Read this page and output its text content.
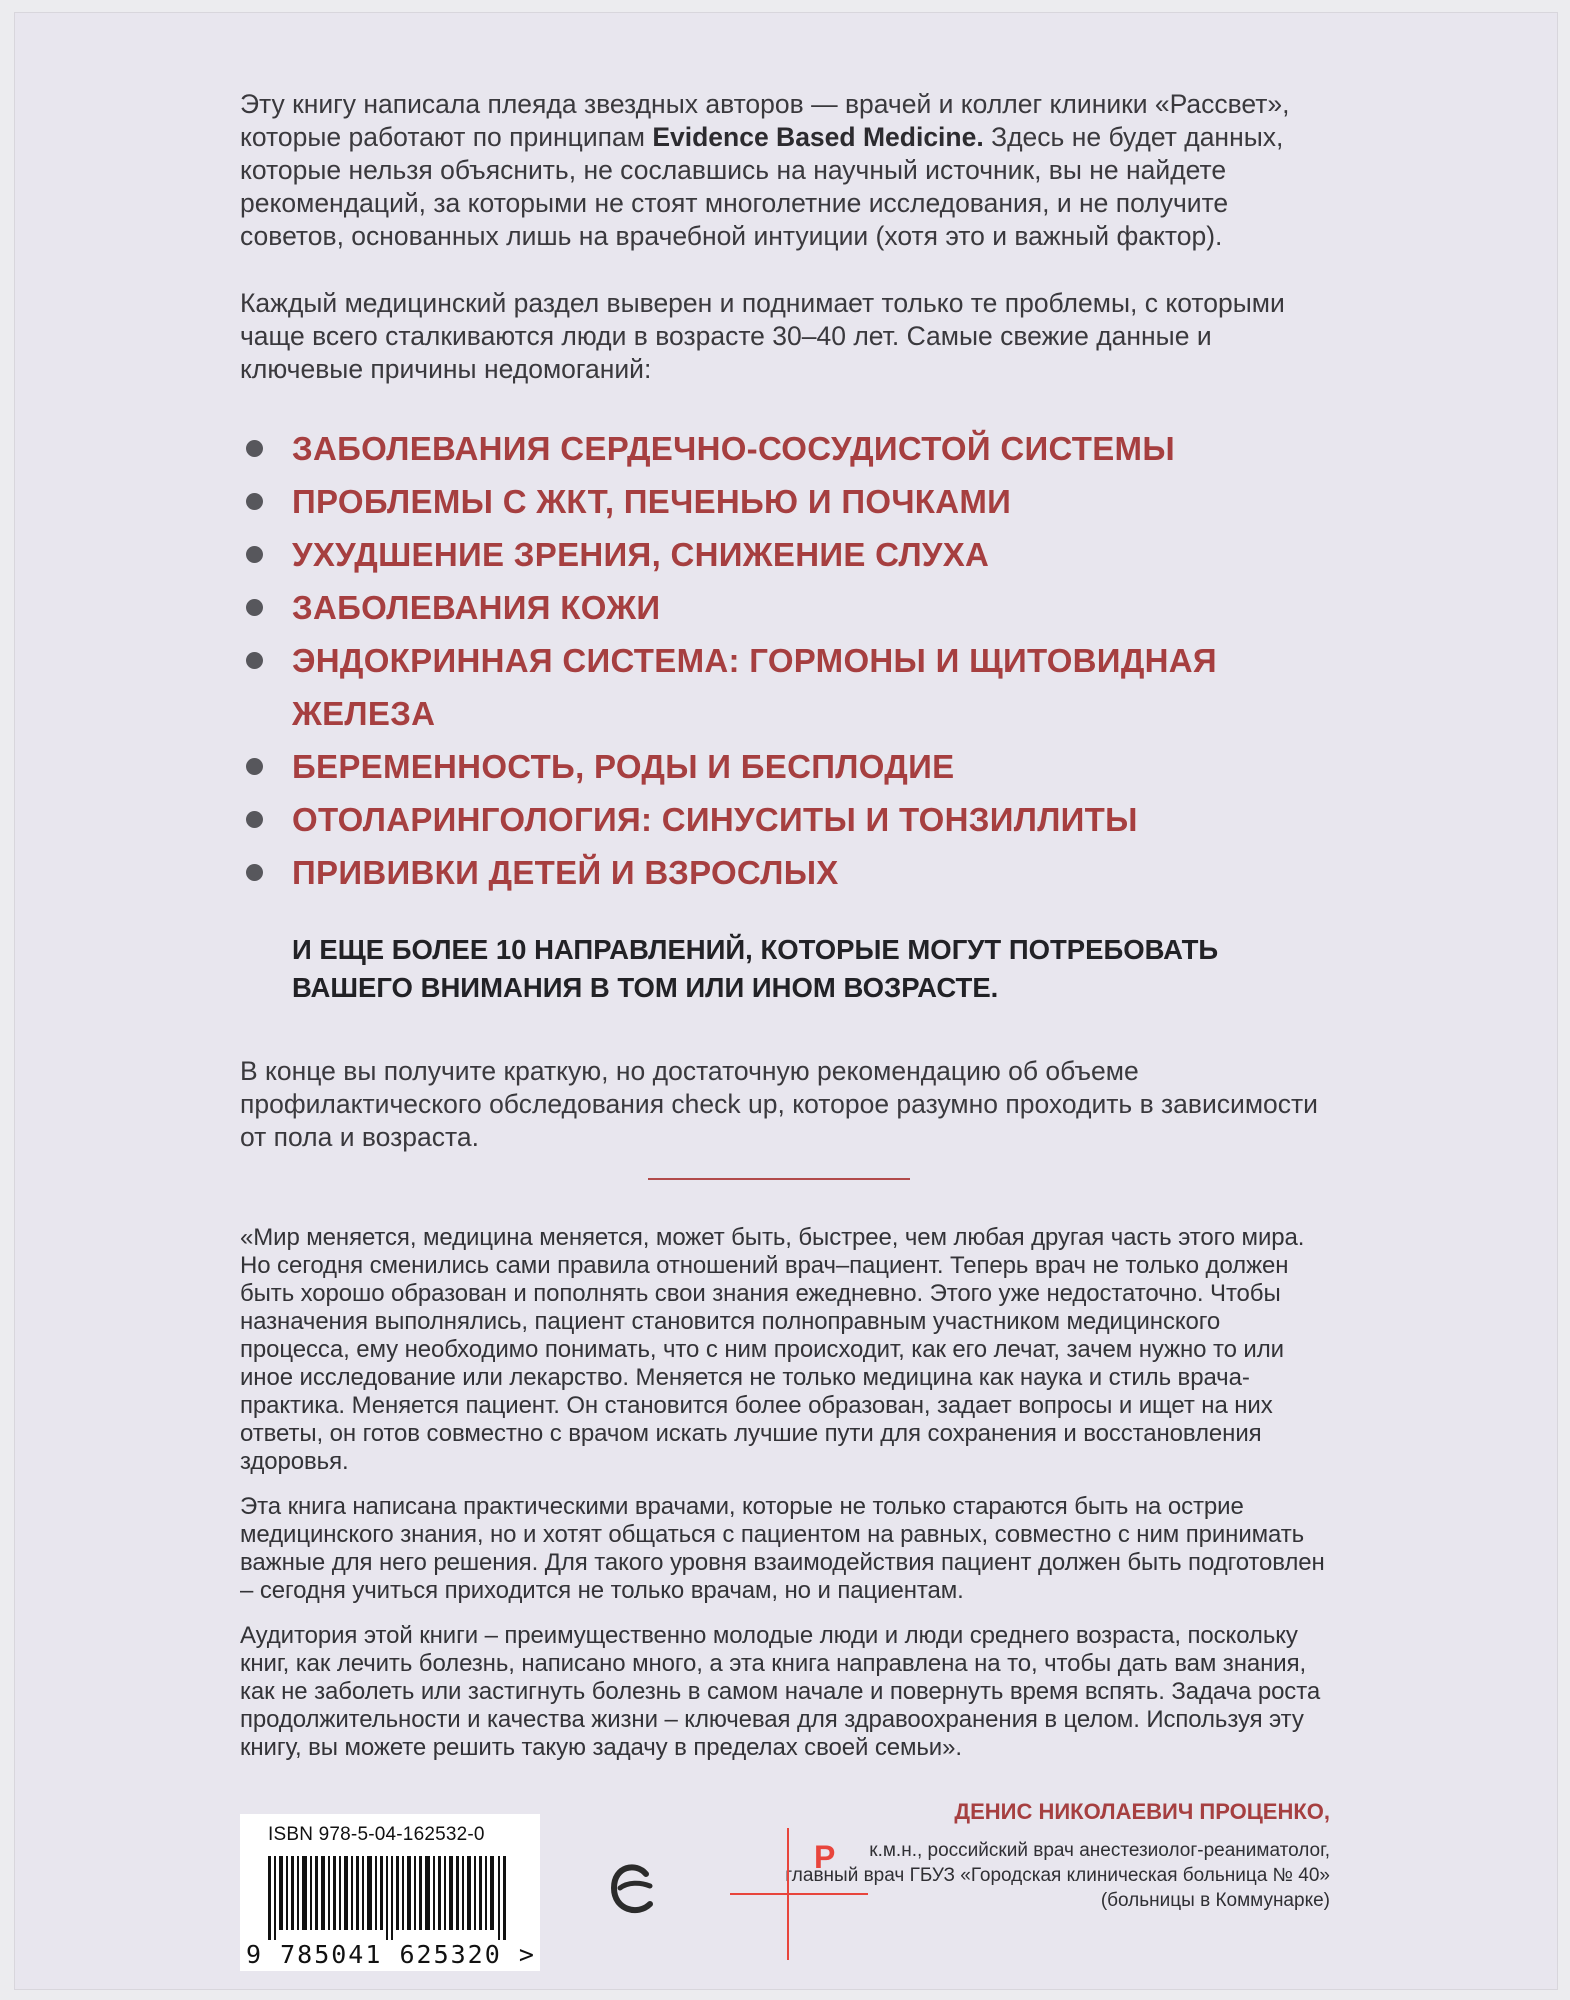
Эту книгу написала плеяда звездных авторов — врачей и коллег клиники «Рассвет», которые работают по принципам Evidence Based Medicine. Здесь не будет данных, которые нельзя объяснить, не сославшись на научный источник, вы не найдете рекомендаций, за которыми не стоят многолетние исследования, и не получите советов, основанных лишь на врачебной интуиции (хотя это и важный фактор).

Каждый медицинский раздел выверен и поднимает только те проблемы, с которыми чаще всего сталкиваются люди в возрасте 30–40 лет. Самые свежие данные и ключевые причины недомоганий:

ЗАБОЛЕВАНИЯ СЕРДЕЧНО-СОСУДИСТОЙ СИСТЕМЫ
ПРОБЛЕМЫ С ЖКТ, ПЕЧЕНЬЮ И ПОЧКАМИ
УХУДШЕНИЕ ЗРЕНИЯ, СНИЖЕНИЕ СЛУХА
ЗАБОЛЕВАНИЯ КОЖИ
ЭНДОКРИННАЯ СИСТЕМА: ГОРМОНЫ И ЩИТОВИДНАЯ ЖЕЛЕЗА
БЕРЕМЕННОСТЬ, РОДЫ И БЕСПЛОДИЕ
ОТОЛАРИНГОЛОГИЯ: СИНУСИТЫ И ТОНЗИЛЛИТЫ
ПРИВИВКИ ДЕТЕЙ И ВЗРОСЛЫХ
И ЕЩЕ БОЛЕЕ 10 НАПРАВЛЕНИЙ, КОТОРЫЕ МОГУТ ПОТРЕБОВАТЬ ВАШЕГО ВНИМАНИЯ В ТОМ ИЛИ ИНОМ ВОЗРАСТЕ.

В конце вы получите краткую, но достаточную рекомендацию об объеме профилактического обследования check up, которое разумно проходить в зависимости от пола и возраста.

«Мир меняется, медицина меняется, может быть, быстрее, чем любая другая часть этого мира. Но сегодня сменились сами правила отношений врач–пациент. Теперь врач не только должен быть хорошо образован и пополнять свои знания ежедневно. Этого уже недостаточно. Чтобы назначения выполнялись, пациент становится полноправным участником медицинского процесса, ему необходимо понимать, что с ним происходит, как его лечат, зачем нужно то или иное исследование или лекарство. Меняется не только медицина как наука и стиль врача-практика. Меняется пациент. Он становится более образован, задает вопросы и ищет на них ответы, он готов совместно с врачом искать лучшие пути для сохранения и восстановления здоровья.

Эта книга написана практическими врачами, которые не только стараются быть на острие медицинского знания, но и хотят общаться с пациентом на равных, совместно с ним принимать важные для него решения. Для такого уровня взаимодействия пациент должен быть подготовлен – сегодня учиться приходится не только врачам, но и пациентам.

Аудитория этой книги – преимущественно молодые люди и люди среднего возраста, поскольку книг, как лечить болезнь, написано много, а эта книга направлена на то, чтобы дать вам знания, как не заболеть или застигнуть болезнь в самом начале и повернуть время вспять. Задача роста продолжительности и качества жизни – ключевая для здравоохранения в целом. Используя эту книгу, вы можете решить такую задачу в пределах своей семьи».

ДЕНИС НИКОЛАЕВИЧ ПРОЦЕНКО,
к.м.н., российский врач анестезиолог-реаниматолог,
главный врач ГБУЗ «Городская клиническая больница № 40»
(больницы в Коммунарке)
ISBN 978-5-04-162532-0
9 785041 625320 >
Р
